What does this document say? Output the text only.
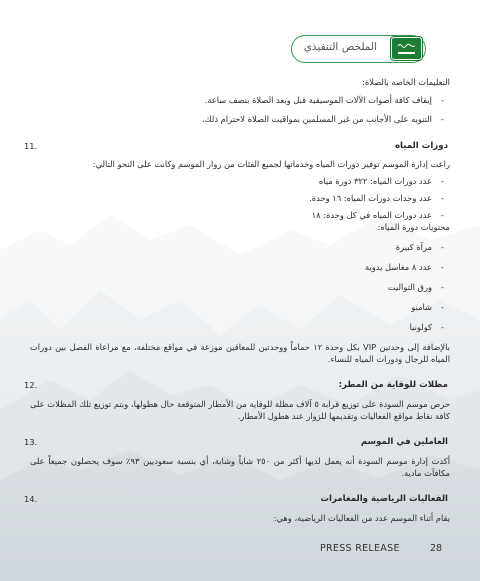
الملخص التنفيذي

التعليمات الخاصة بالصلاة:

-
إيقاف كافة أصوات الآلات الموسيقية قبل وبعد الصلاة بنصف ساعة.

-
التنويه على الأجانب من غير المسلمين بمواقيت الصلاة لاحترام ذلك.

دورات المياه
11.

راعت إدارة الموسم توفير دورات المياه وخدماتها لجميع الفئات من زوار الموسم وكانت على النحو التالي:

-
عدد دورات المياه: ٣٢٢ دورة مياه

-
عدد وحدات دورات المياه: ١٦ وحدة.

-
عدد دورات المياه في كل وحدة: ١٨

محتويات دورة المياه:

-
مرآة كبيرة

-
عدد ٨ مغاسل يدوية

-
ورق التواليت

-
شامبو

-
كولونيا

بالإضافة إلى وحدتين VIP بكل وحدة ١٢ حماماً ووحدتين للمعاقين موزعة في مواقع مختلفة، مع مراعاة الفصل بين دورات المياه للرجال ودورات المياه للنساء.

مظلات للوقاية من المطر:
12.

حرص موسم السودة على توزيع قرابة ٥ آلاف مظلة للوقاية من الأمطار المتوقعة حال هطولها، وبتم توزيع تلك المظلات على كافة نقاط مواقع الفعاليات وتقديمها للزوار عند هطول الأمطار.

العاملين في الموسم
13.

أكدت إدارة موسم السودة أنه يعمل لديها أكثر من ٢٥٠ شاباً وشابة، أي بنسبة سعوديين ٩٣٪ سوف يحصلون جميعاً على مكافآت مادية.

الفعاليات الرياضية والمغامرات
14.

يقام أثناء الموسم عدد من الفعاليات الرياضية، وهي:

PRESS RELEASE	28
